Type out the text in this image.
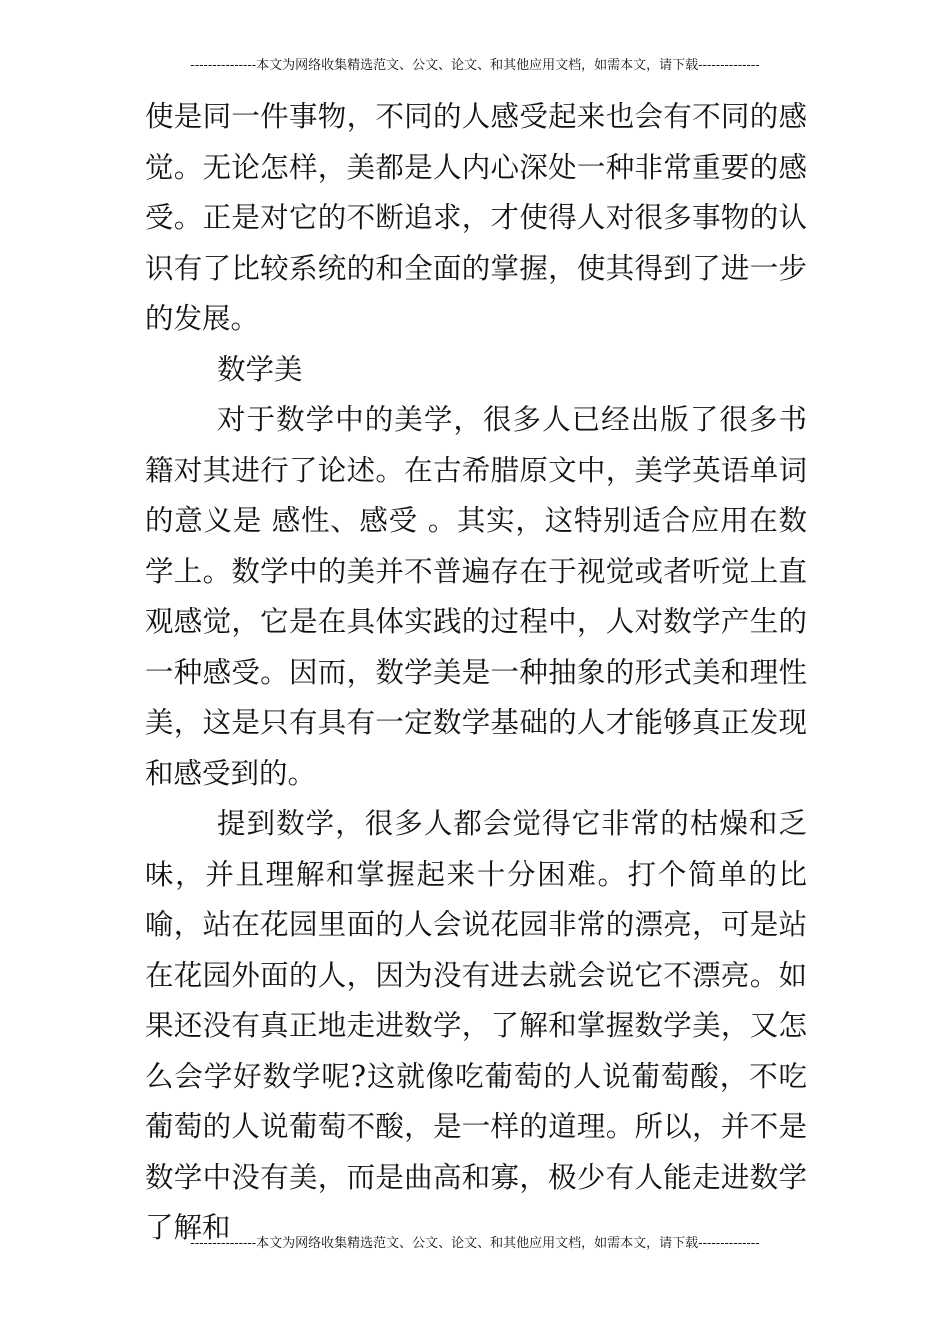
---------------本文为网络收集精选范文、公文、论文、和其他应用文档，如需本文，请下载--------------

使是同一件事物，不同的人感受起来也会有不同的感觉。无论怎样，美都是人内心深处一种非常重要的感受。正是对它的不断追求，才使得人对很多事物的认识有了比较系统的和全面的掌握，使其得到了进一步的发展。

数学美

对于数学中的美学，很多人已经出版了很多书籍对其进行了论述。在古希腊原文中，美学英语单词的意义是 感性、感受 。其实，这特别适合应用在数学上。数学中的美并不普遍存在于视觉或者听觉上直观感觉，它是在具体实践的过程中，人对数学产生的一种感受。因而，数学美是一种抽象的形式美和理性美，这是只有具有一定数学基础的人才能够真正发现和感受到的。

提到数学，很多人都会觉得它非常的枯燥和乏味，并且理解和掌握起来十分困难。打个简单的比喻，站在花园里面的人会说花园非常的漂亮，可是站在花园外面的人，因为没有进去就会说它不漂亮。如果还没有真正地走进数学，了解和掌握数学美，又怎么会学好数学呢?这就像吃葡萄的人说葡萄酸，不吃葡萄的人说葡萄不酸，是一样的道理。所以，并不是数学中没有美，而是曲高和寡，极少有人能走进数学了解和

---------------本文为网络收集精选范文、公文、论文、和其他应用文档，如需本文，请下载--------------
